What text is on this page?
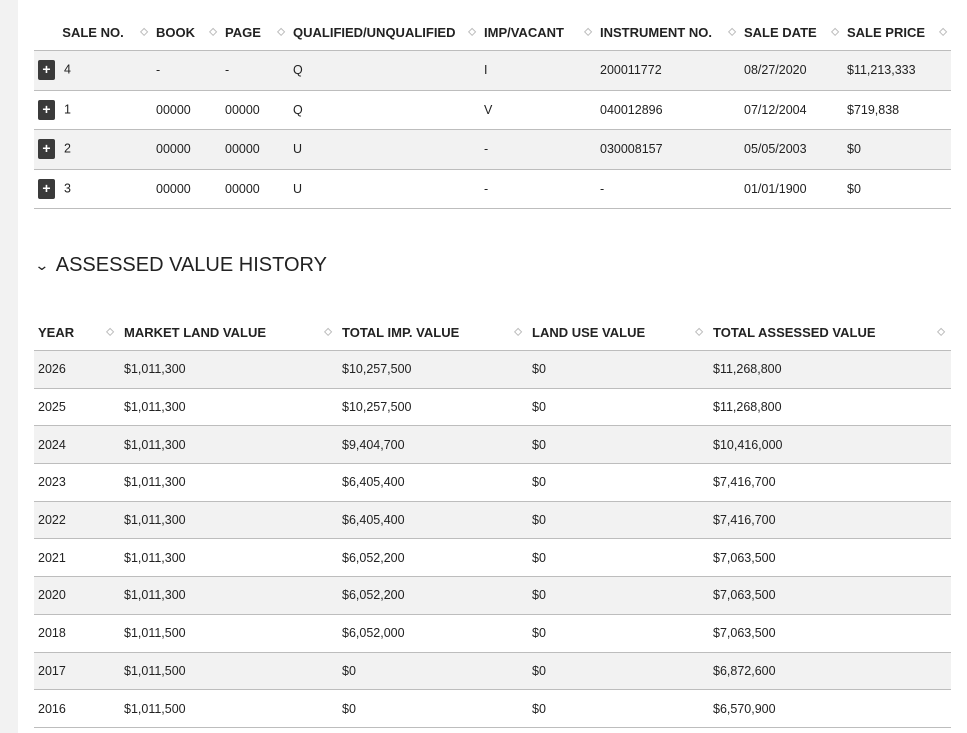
SALE NO. ◇	BOOK ◇	PAGE ◇	QUALIFIED/UNQUALIFIED ◇	IMP/VACANT ◇	INSTRUMENT NO. ◇	SALE DATE ◇	SALE PRICE ◇

+ 4	-	-	Q	I	200011772	08/27/2020	$11,213,333
+ 1	00000	00000	Q	V	040012896	07/12/2004	$719,838
+ 2	00000	00000	U	-	030008157	05/05/2003	$0
+ 3	00000	00000	U	-	-	01/01/1900	$0
⌄ ASSESSED VALUE HISTORY
YEAR ◇	MARKET LAND VALUE ◇	TOTAL IMP. VALUE ◇	LAND USE VALUE ◇	TOTAL ASSESSED VALUE ◇

2026	$1,011,300	$10,257,500	$0	$11,268,800
2025	$1,011,300	$10,257,500	$0	$11,268,800
2024	$1,011,300	$9,404,700	$0	$10,416,000
2023	$1,011,300	$6,405,400	$0	$7,416,700
2022	$1,011,300	$6,405,400	$0	$7,416,700
2021	$1,011,300	$6,052,200	$0	$7,063,500
2020	$1,011,300	$6,052,200	$0	$7,063,500
2018	$1,011,500	$6,052,000	$0	$7,063,500
2017	$1,011,500	$0	$0	$6,872,600
2016	$1,011,500	$0	$0	$6,570,900
